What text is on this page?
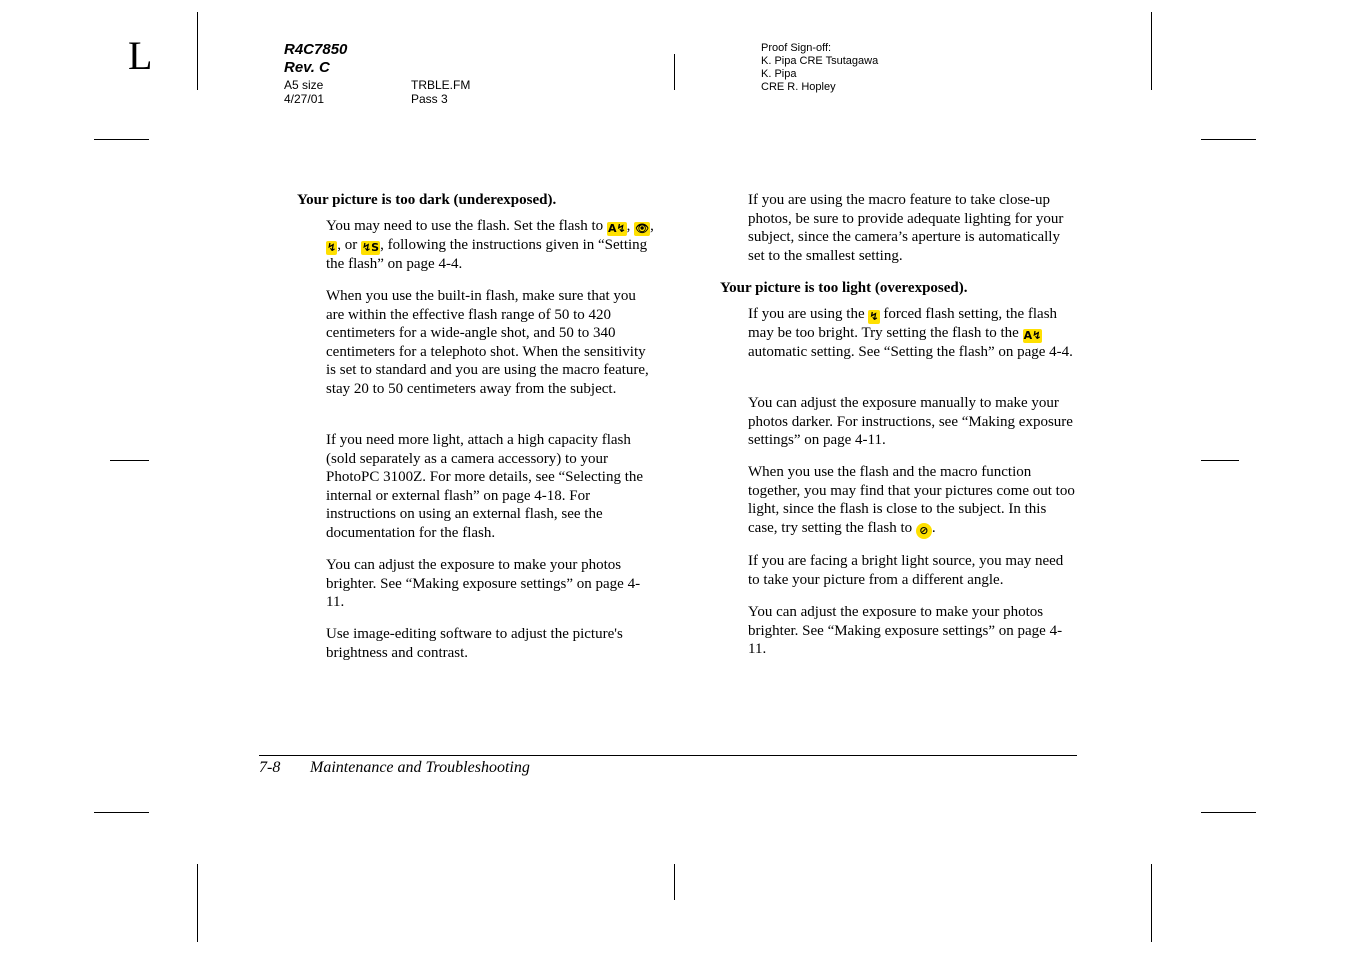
L	R4C7850
Rev. C
A5 size
4/27/01
TRBLE.FM
Pass 3
Proof Sign-off:
K. Pipa CRE Tsutagawa
K. Pipa
CRE R. Hopley
Your picture is too dark (underexposed).
You may need to use the flash. Set the flash to A↯, 👁, ↯, or ↯S, following the instructions given in “Setting the flash” on page 4-4.
When you use the built-in flash, make sure that you are within the effective flash range of 50 to 420 centimeters for a wide-angle shot, and 50 to 340 centimeters for a telephoto shot. When the sensitivity is set to standard and you are using the macro feature, stay 20 to 50 centimeters away from the subject.
If you need more light, attach a high capacity flash (sold separately as a camera accessory) to your PhotoPC 3100Z. For more details, see “Selecting the internal or external flash” on page 4-18. For instructions on using an external flash, see the documentation for the flash.
You can adjust the exposure to make your photos brighter. See “Making exposure settings” on page 4-11.
Use image-editing software to adjust the picture's brightness and contrast.
If you are using the macro feature to take close-up photos, be sure to provide adequate lighting for your subject, since the camera’s aperture is automatically set to the smallest setting.
Your picture is too light (overexposed).
If you are using the ↯ forced flash setting, the flash may be too bright. Try setting the flash to the A↯ automatic setting. See “Setting the flash” on page 4-4.
You can adjust the exposure manually to make your photos darker. For instructions, see “Making exposure settings” on page 4-11.
When you use the flash and the macro function together, you may find that your pictures come out too light, since the flash is close to the subject. In this case, try setting the flash to ⊘ .
If you are facing a bright light source, you may need to take your picture from a different angle.
You can adjust the exposure to make your photos brighter. See “Making exposure settings” on page 4-11.
7-8 Maintenance and Troubleshooting
